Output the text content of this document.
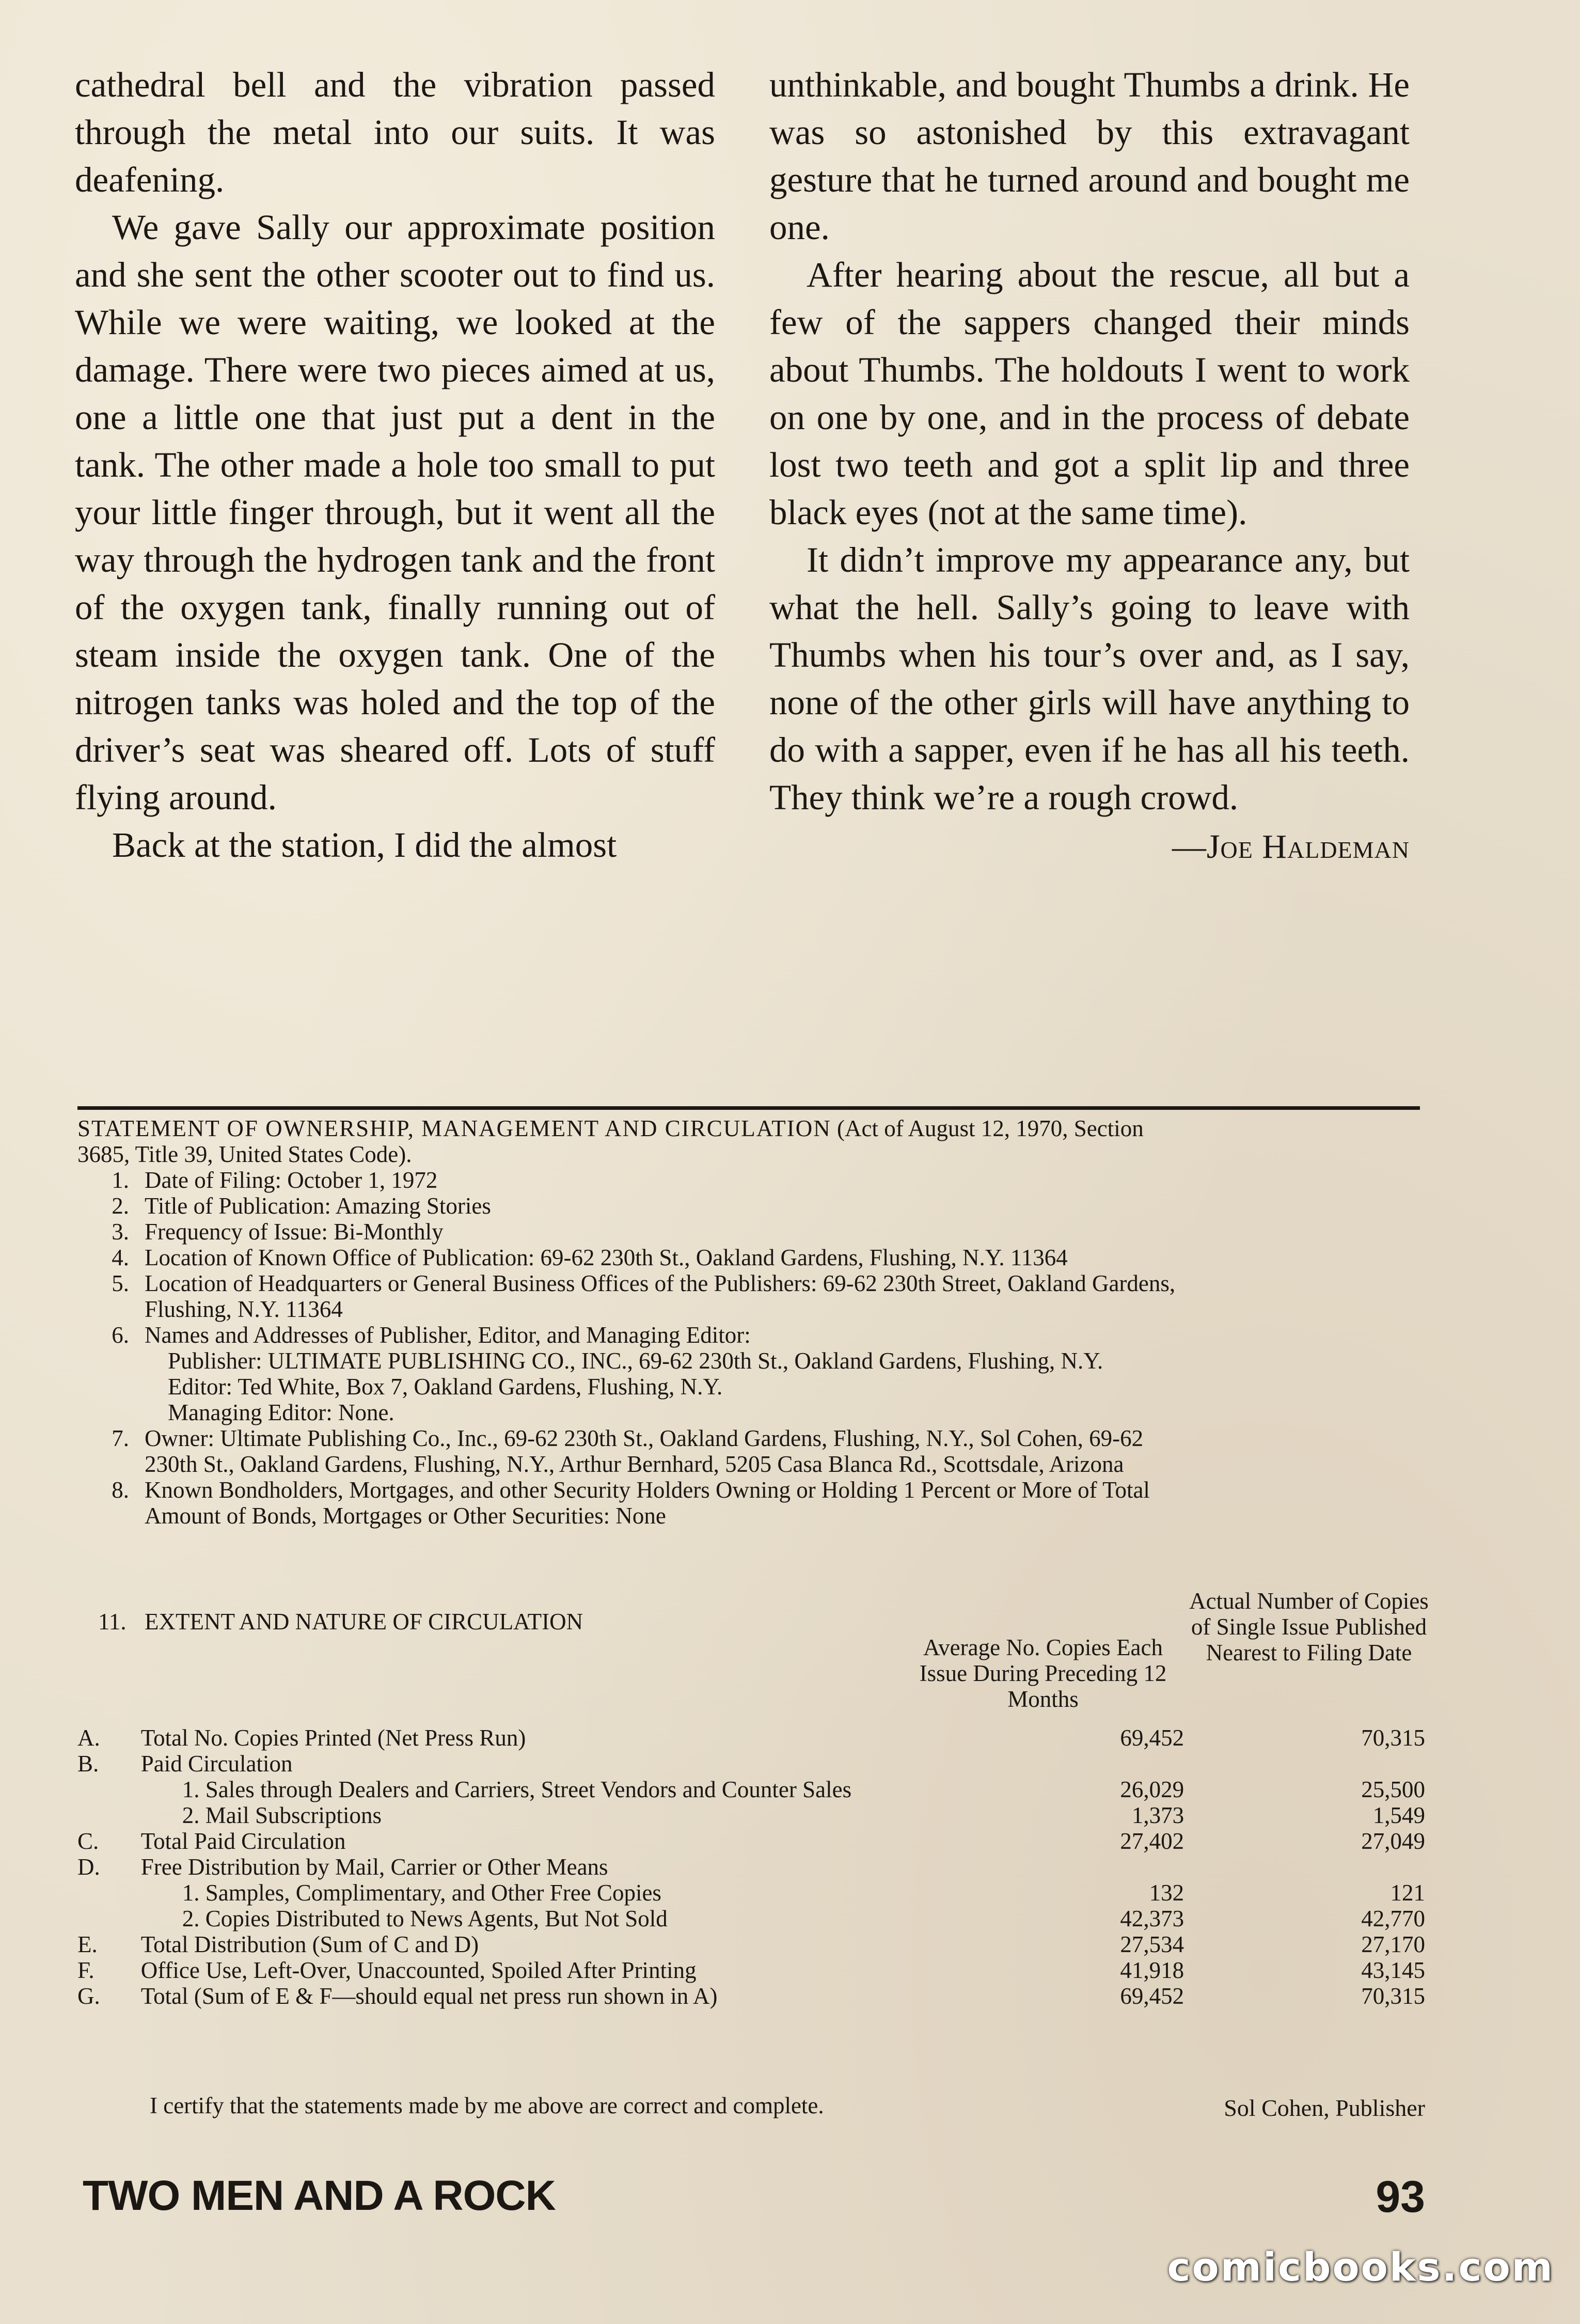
cathedral bell and the vibration passed through the metal into our suits. It was deafening.

We gave Sally our approximate position and she sent the other scooter out to find us. While we were waiting, we looked at the damage. There were two pieces aimed at us, one a little one that just put a dent in the tank. The other made a hole too small to put your little finger through, but it went all the way through the hydrogen tank and the front of the oxygen tank, finally running out of steam inside the oxygen tank. One of the nitrogen tanks was holed and the top of the driver’s seat was sheared off. Lots of stuff flying around.

Back at the station, I did the almost

unthinkable, and bought Thumbs a drink. He was so astonished by this extravagant gesture that he turned around and bought me one.

After hearing about the rescue, all but a few of the sappers changed their minds about Thumbs. The holdouts I went to work on one by one, and in the process of debate lost two teeth and got a split lip and three black eyes (not at the same time).

It didn’t improve my appearance any, but what the hell. Sally’s going to leave with Thumbs when his tour’s over and, as I say, none of the other girls will have anything to do with a sapper, even if he has all his teeth. They think we’re a rough crowd.

—Joe Haldeman

STATEMENT OF OWNERSHIP, MANAGEMENT AND CIRCULATION (Act of August 12, 1970, Section 3685, Title 39, United States Code).

1. Date of Filing: October 1, 1972
2. Title of Publication: Amazing Stories
3. Frequency of Issue: Bi-Monthly
4. Location of Known Office of Publication: 69-62 230th St., Oakland Gardens, Flushing, N.Y. 11364
5. Location of Headquarters or General Business Offices of the Publishers: 69-62 230th Street, Oakland Gardens, Flushing, N.Y. 11364
6. Names and Addresses of Publisher, Editor, and Managing Editor:
Publisher: ULTIMATE PUBLISHING CO., INC., 69-62 230th St., Oakland Gardens, Flushing, N.Y.
Editor: Ted White, Box 7, Oakland Gardens, Flushing, N.Y.
Managing Editor: None.
7. Owner: Ultimate Publishing Co., Inc., 69-62 230th St., Oakland Gardens, Flushing, N.Y., Sol Cohen, 69-62 230th St., Oakland Gardens, Flushing, N.Y., Arthur Bernhard, 5205 Casa Blanca Rd., Scottsdale, Arizona
8. Known Bondholders, Mortgages, and other Security Holders Owning or Holding 1 Percent or More of Total Amount of Bonds, Mortgages or Other Securities: None
11. EXTENT AND NATURE OF CIRCULATION
Average No. Copies Each Issue During Preceding 12 Months
Actual Number of Copies of Single Issue Published Nearest to Filing Date
A.	Total No. Copies Printed (Net Press Run)	69,452	70,315
B.	Paid Circulation		
	1. Sales through Dealers and Carriers, Street Vendors and Counter Sales	26,029	25,500
	2. Mail Subscriptions	1,373	1,549
C.	Total Paid Circulation	27,402	27,049
D.	Free Distribution by Mail, Carrier or Other Means		
	1. Samples, Complimentary, and Other Free Copies	132	121
	2. Copies Distributed to News Agents, But Not Sold	42,373	42,770
E.	Total Distribution (Sum of C and D)	27,534	27,170
F.	Office Use, Left-Over, Unaccounted, Spoiled After Printing	41,918	43,145
G.	Total (Sum of E & F—should equal net press run shown in A)	69,452	70,315
I certify that the statements made by me above are correct and complete.	Sol Cohen, Publisher
TWO MEN AND A ROCK	93
comicbooks.com
